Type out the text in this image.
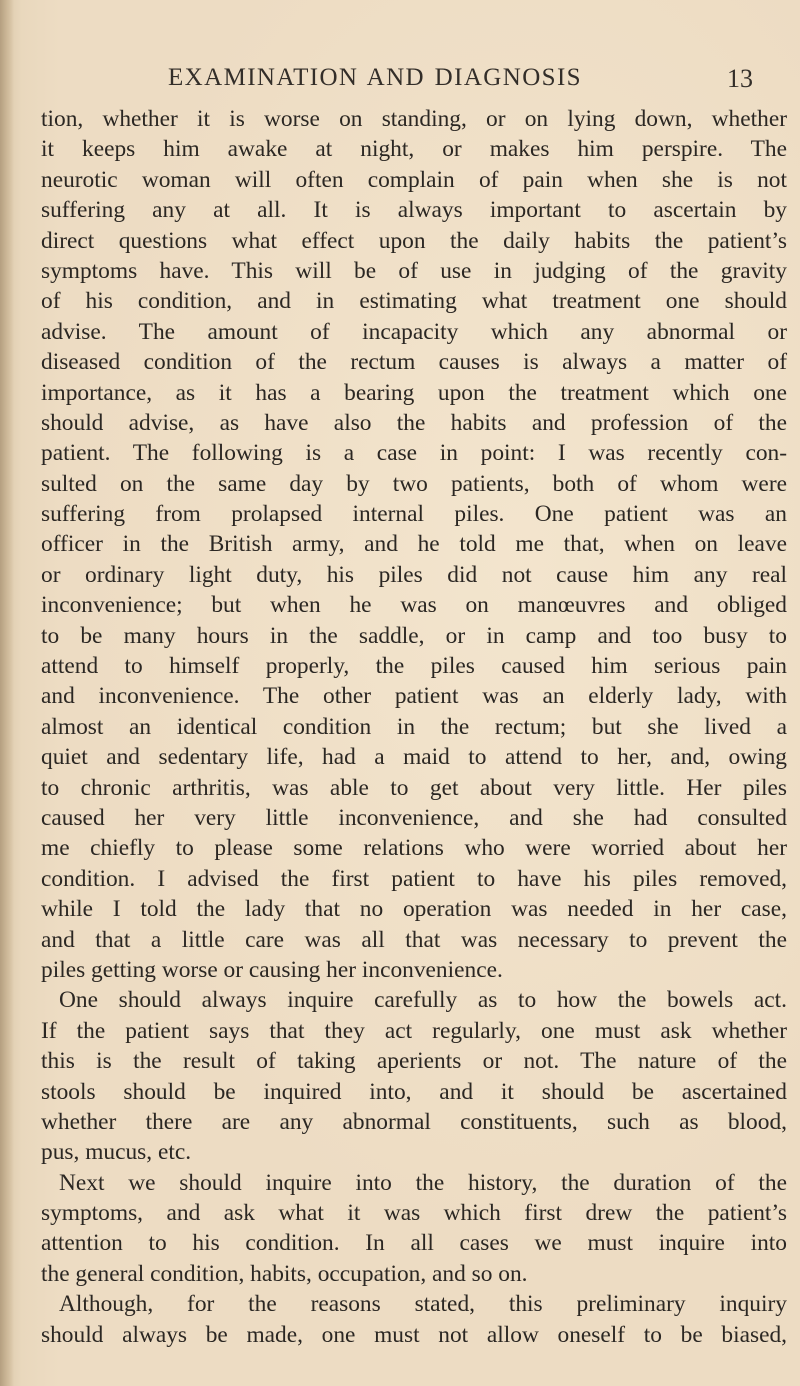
EXAMINATION AND DIAGNOSIS	13
tion, whether it is worse on standing, or on lying down, whether
it keeps him awake at night, or makes him perspire. The
neurotic woman will often complain of pain when she is not
suffering any at all. It is always important to ascertain by
direct questions what effect upon the daily habits the patient’s
symptoms have. This will be of use in judging of the gravity
of his condition, and in estimating what treatment one should
advise. The amount of incapacity which any abnormal or
diseased condition of the rectum causes is always a matter of
importance, as it has a bearing upon the treatment which one
should advise, as have also the habits and profession of the
patient. The following is a case in point: I was recently con-
sulted on the same day by two patients, both of whom were
suffering from prolapsed internal piles. One patient was an
officer in the British army, and he told me that, when on leave
or ordinary light duty, his piles did not cause him any real
inconvenience; but when he was on manœuvres and obliged
to be many hours in the saddle, or in camp and too busy to
attend to himself properly, the piles caused him serious pain
and inconvenience. The other patient was an elderly lady, with
almost an identical condition in the rectum; but she lived a
quiet and sedentary life, had a maid to attend to her, and, owing
to chronic arthritis, was able to get about very little. Her piles
caused her very little inconvenience, and she had consulted
me chiefly to please some relations who were worried about her
condition. I advised the first patient to have his piles removed,
while I told the lady that no operation was needed in her case,
and that a little care was all that was necessary to prevent the
piles getting worse or causing her inconvenience.
One should always inquire carefully as to how the bowels act.
If the patient says that they act regularly, one must ask whether
this is the result of taking aperients or not. The nature of the
stools should be inquired into, and it should be ascertained
whether there are any abnormal constituents, such as blood,
pus, mucus, etc.
Next we should inquire into the history, the duration of the
symptoms, and ask what it was which first drew the patient’s
attention to his condition. In all cases we must inquire into
the general condition, habits, occupation, and so on.
Although, for the reasons stated, this preliminary inquiry
should always be made, one must not allow oneself to be biased,
